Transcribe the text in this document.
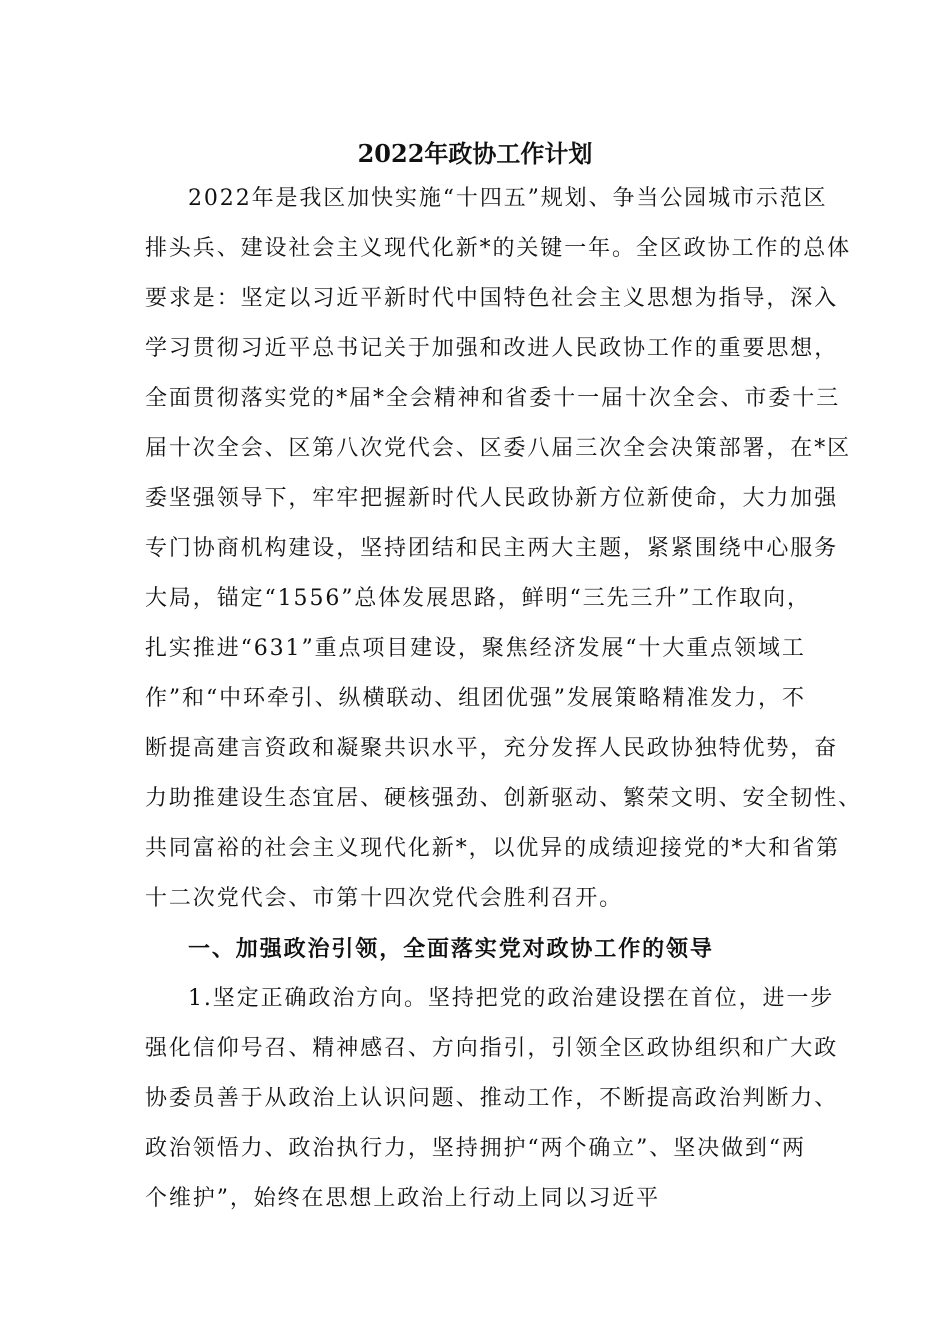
2022年政协工作计划
2022年是我区加快实施“十四五”规划、争当公园城市示范区
排头兵、建设社会主义现代化新*的关键一年。全区政协工作的总体
要求是：坚定以习近平新时代中国特色社会主义思想为指导，深入
学习贯彻习近平总书记关于加强和改进人民政协工作的重要思想，
全面贯彻落实党的*届*全会精神和省委十一届十次全会、市委十三
届十次全会、区第八次党代会、区委八届三次全会决策部署，在*区
委坚强领导下，牢牢把握新时代人民政协新方位新使命，大力加强
专门协商机构建设，坚持团结和民主两大主题，紧紧围绕中心服务
大局，锚定“1556”总体发展思路，鲜明“三先三升”工作取向，
扎实推进“631”重点项目建设，聚焦经济发展“十大重点领域工
作”和“中环牵引、纵横联动、组团优强”发展策略精准发力，不
断提高建言资政和凝聚共识水平，充分发挥人民政协独特优势，奋
力助推建设生态宜居、硬核强劲、创新驱动、繁荣文明、安全韧性、
共同富裕的社会主义现代化新*，以优异的成绩迎接党的*大和省第
十二次党代会、市第十四次党代会胜利召开。
一、加强政治引领，全面落实党对政协工作的领导
1.坚定正确政治方向。坚持把党的政治建设摆在首位，进一步
强化信仰号召、精神感召、方向指引，引领全区政协组织和广大政
协委员善于从政治上认识问题、推动工作，不断提高政治判断力、
政治领悟力、政治执行力，坚持拥护“两个确立”、坚决做到“两
个维护”，始终在思想上政治上行动上同以习近平
